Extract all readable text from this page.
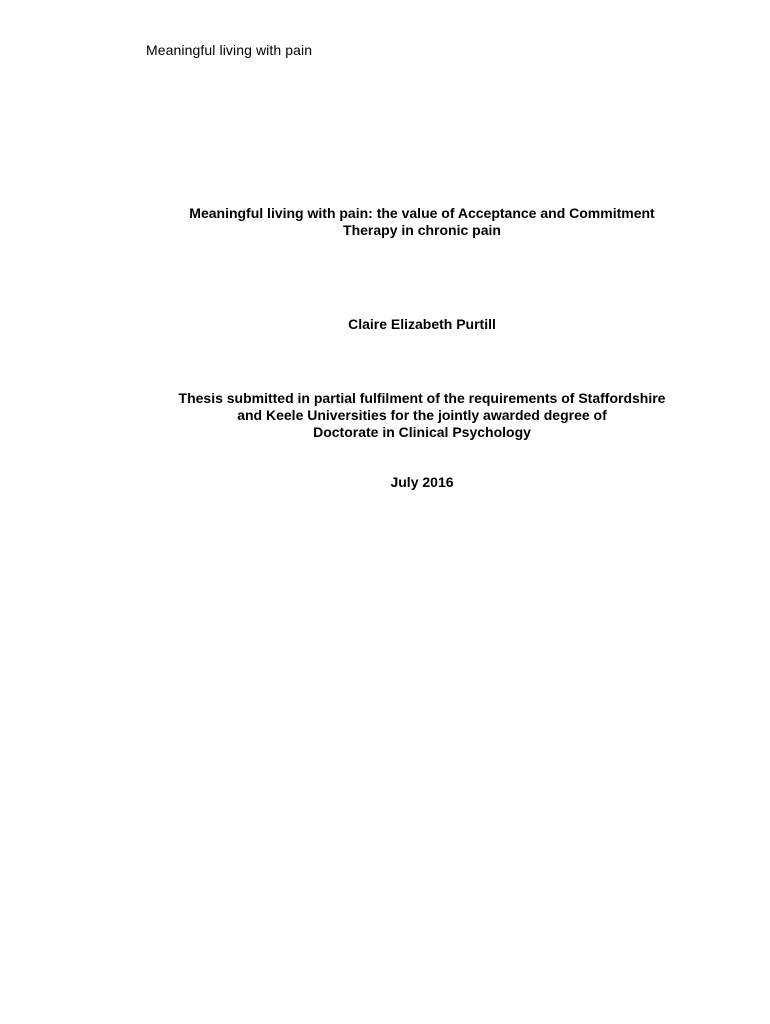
Meaningful living with pain
Meaningful living with pain: the value of Acceptance and Commitment
Therapy in chronic pain
Claire Elizabeth Purtill
Thesis submitted in partial fulfilment of the requirements of Staffordshire
and Keele Universities for the jointly awarded degree of
Doctorate in Clinical Psychology
July 2016
